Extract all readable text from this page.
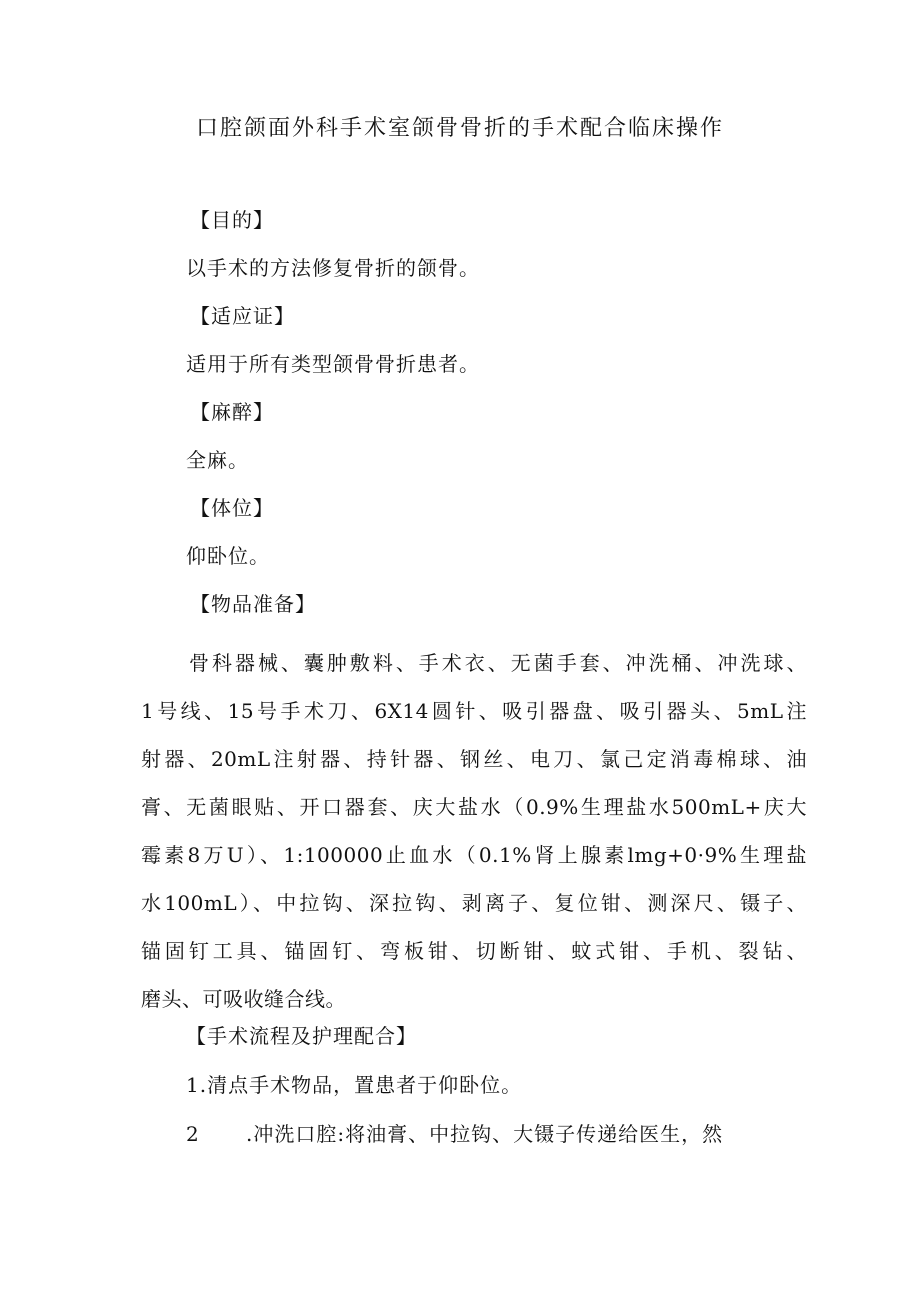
口腔颌面外科手术室颌骨骨折的手术配合临床操作
【目的】
以手术的方法修复骨折的颌骨。
【适应证】
适用于所有类型颌骨骨折患者。
【麻醉】
全麻。
【体位】
仰卧位。
【物品准备】
骨科器械、囊肿敷料、手术衣、无菌手套、冲洗桶、冲洗球、
1号线、15号手术刀、6X14圆针、吸引器盘、吸引器头、5mL注
射器、20mL注射器、持针器、钢丝、电刀、氯己定消毒棉球、油
膏、无菌眼贴、开口器套、庆大盐水（0.9%生理盐水500mL+庆大
霉素8万U）、1:100000止血水（0.1%肾上腺素lmg+0·9%生理盐
水100mL）、中拉钩、深拉钩、剥离子、复位钳、测深尺、镊子、
锚固钉工具、锚固钉、弯板钳、切断钳、蚊式钳、手机、裂钻、
磨头、可吸收缝合线。
【手术流程及护理配合】
1.清点手术物品，置患者于仰卧位。
2 .冲洗口腔:将油膏、中拉钩、大镊子传递给医生，然
